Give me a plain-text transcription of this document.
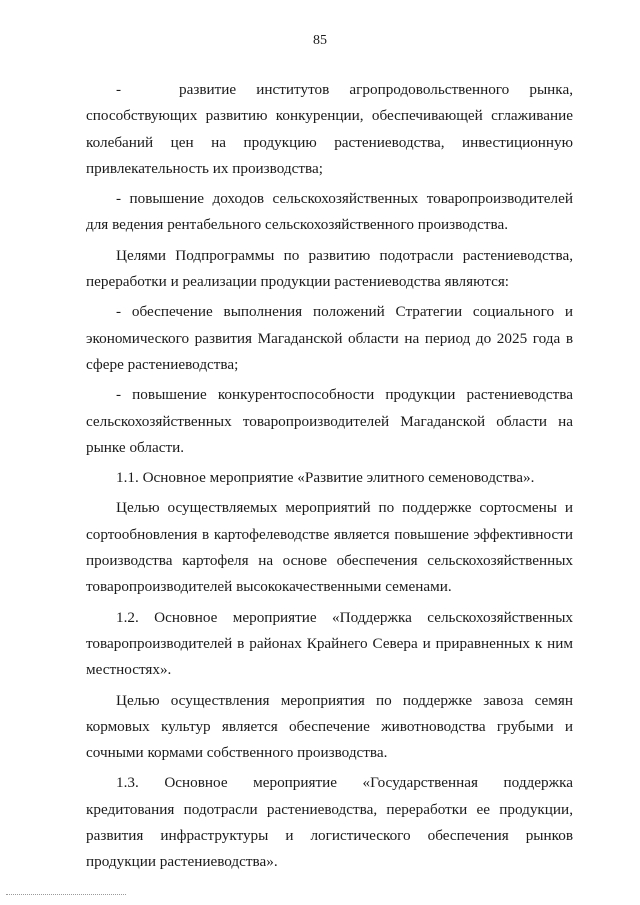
85

-	развитие институтов агропродовольственного рынка, способствующих развитию конкуренции, обеспечивающей сглаживание колебаний цен на продукцию растениеводства, инвестиционную привлекательность их производства;

- повышение доходов сельскохозяйственных товаропроизводителей для ведения рентабельного сельскохозяйственного производства.

Целями Подпрограммы по развитию подотрасли растениеводства, переработки и реализации продукции растениеводства являются:

- обеспечение выполнения положений Стратегии социального и экономического развития Магаданской области на период до 2025 года в сфере растениеводства;

- повышение конкурентоспособности продукции растениеводства сельскохозяйственных товаропроизводителей Магаданской области на рынке области.

1.1. Основное мероприятие «Развитие элитного семеноводства».

Целью осуществляемых мероприятий по поддержке сортосмены и сортообновления в картофелеводстве является повышение эффективности производства картофеля на основе обеспечения сельскохозяйственных товаропроизводителей высококачественными семенами.

1.2. Основное мероприятие «Поддержка сельскохозяйственных товаропроизводителей в районах Крайнего Севера и приравненных к ним местностях».

Целью осуществления мероприятия по поддержке завоза семян кормовых культур является обеспечение животноводства грубыми и сочными кормами собственного производства.

1.3. Основное мероприятие «Государственная поддержка кредитования подотрасли растениеводства, переработки ее продукции, развития инфраструктуры и логистического обеспечения рынков продукции растениеводства».
